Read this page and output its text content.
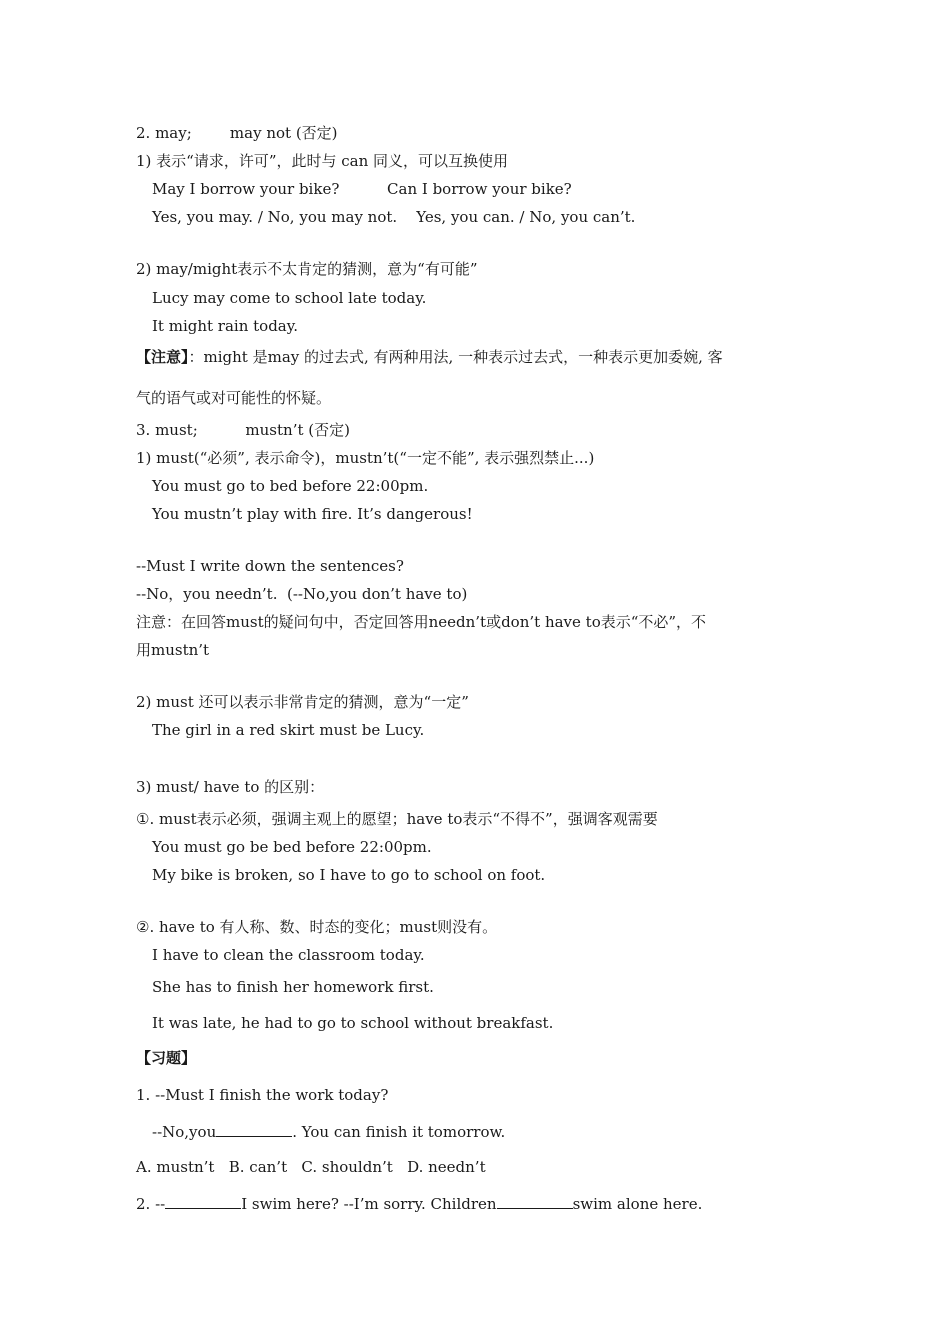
2. may;        may not (否定)
1) 表示“请求，许可”，此时与 can 同义，可以互换使用
May I borrow your bike?          Can I borrow your bike?
Yes, you may. / No, you may not.    Yes, you can. / No, you can’t.
2) may/might表示不太肯定的猜测，意为“有可能”
Lucy may come to school late today.
It might rain today.
【注意】：might 是may 的过去式, 有两种用法, 一种表示过去式，一种表示更加委婉, 客
气的语气或对可能性的怀疑。
3. must;          mustn’t (否定)
1) must(“必须”, 表示命令)，mustn’t(“一定不能”, 表示强烈禁止...)
You must go to bed before 22:00pm.
You mustn’t play with fire. It’s dangerous!
--Must I write down the sentences?
--No，you needn’t.  (--No,you don’t have to)
注意：在回答must的疑问句中，否定回答用needn’t或don’t have to表示“不必”，不
用mustn’t
2) must 还可以表示非常肯定的猜测，意为“一定”
The girl in a red skirt must be Lucy.
3) must/ have to 的区别：
①. must表示必须，强调主观上的愿望；have to表示“不得不”，强调客观需要
You must go be bed before 22:00pm.
My bike is broken, so I have to go to school on foot.
②. have to 有人称、数、时态的变化；must则没有。
I have to clean the classroom today.
She has to finish her homework first.
It was late, he had to go to school without breakfast.
【习题】
1. --Must I finish the work today?
--No,you	. You can finish it tomorrow.
A. mustn’t   B. can’t   C. shouldn’t   D. needn’t
2. --	I swim here? --I’m sorry. Children	swim alone here.
